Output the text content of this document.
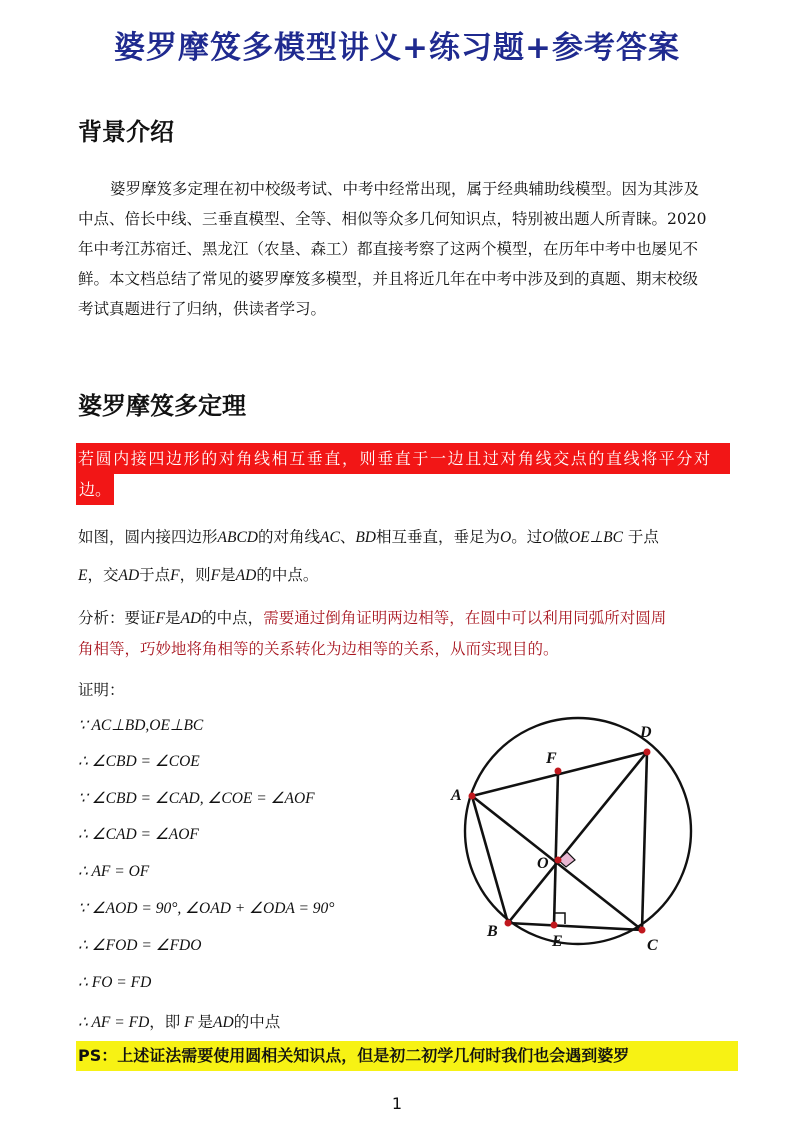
婆罗摩笈多模型讲义+练习题+参考答案
背景介绍
婆罗摩笈多定理在初中校级考试、中考中经常出现，属于经典辅助线模型。因为其涉及
中点、倍长中线、三垂直模型、全等、相似等众多几何知识点，特别被出题人所青睐。2020
年中考江苏宿迁、黑龙江（农垦、森工）都直接考察了这两个模型，在历年中考中也屡见不
鲜。本文档总结了常见的婆罗摩笈多模型，并且将近几年在中考中涉及到的真题、期末校级
考试真题进行了归纳，供读者学习。
婆罗摩笈多定理
若圆内接四边形的对角线相互垂直，则垂直于一边且过对角线交点的直线将平分对
边。
如图，圆内接四边形ABCD的对角线AC、BD相互垂直，垂足为O。过O做OE⊥BC 于点
E，交AD于点F，则F是AD的中点。
分析：要证F是AD的中点，需要通过倒角证明两边相等，在圆中可以利用同弧所对圆周
角相等，巧妙地将角相等的关系转化为边相等的关系，从而实现目的。
证明：
∵ AC⊥BD,OE⊥BC
∴ ∠CBD = ∠COE
∵ ∠CBD = ∠CAD, ∠COE = ∠AOF
∴ ∠CAD = ∠AOF
∴ AF = OF
∵ ∠AOD = 90°, ∠OAD + ∠ODA = 90°
∴ ∠FOD = ∠FDO
∴ FO = FD
∴ AF = FD，即 F 是AD的中点
PS：上述证法需要使用圆相关知识点，但是初二初学几何时我们也会遇到婆罗
A
D
F
O
B
E	C
1
